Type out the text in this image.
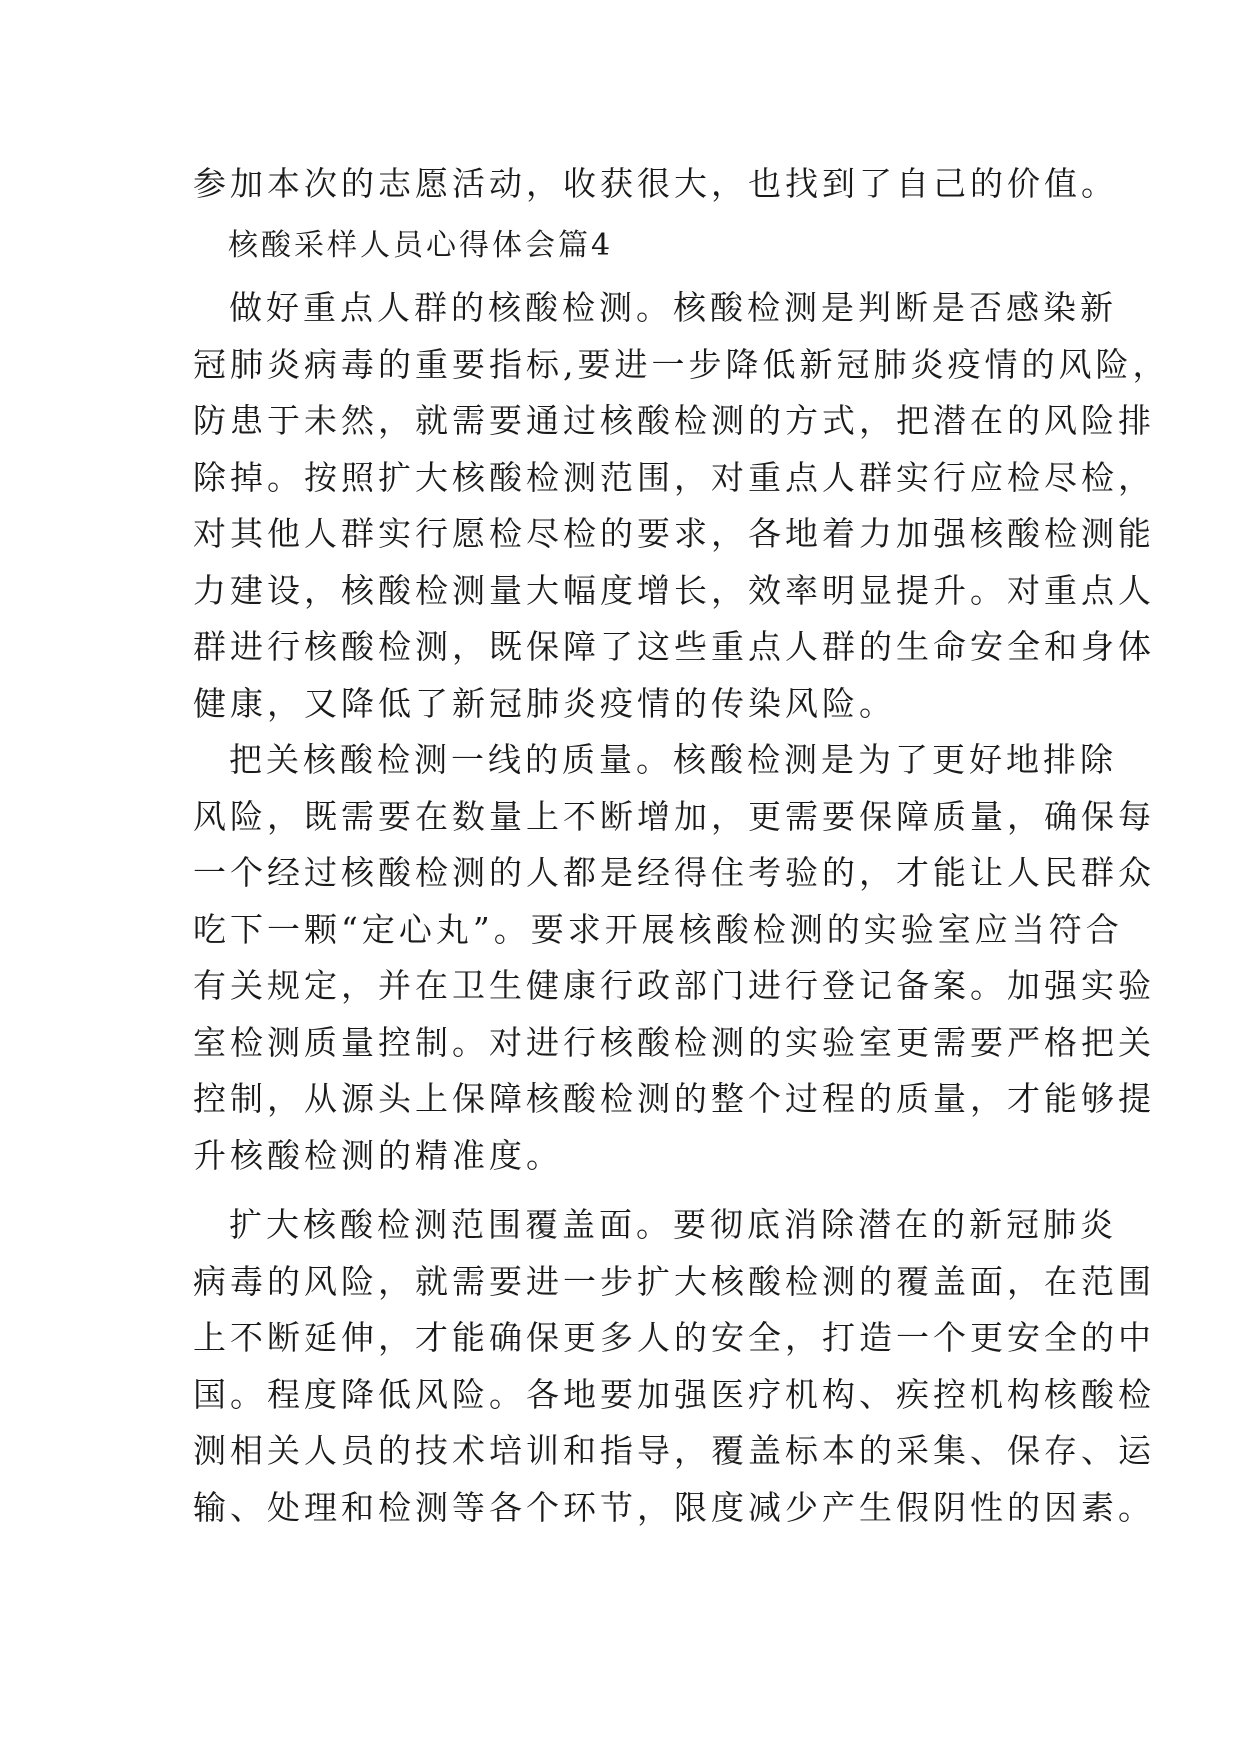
参加本次的志愿活动，收获很大，也找到了自己的价值。
核酸采样人员心得体会篇4
做好重点人群的核酸检测。核酸检测是判断是否感染新
冠肺炎病毒的重要指标,要进一步降低新冠肺炎疫情的风险，
防患于未然，就需要通过核酸检测的方式，把潜在的风险排
除掉。按照扩大核酸检测范围，对重点人群实行应检尽检，
对其他人群实行愿检尽检的要求，各地着力加强核酸检测能
力建设，核酸检测量大幅度增长，效率明显提升。对重点人
群进行核酸检测，既保障了这些重点人群的生命安全和身体
健康，又降低了新冠肺炎疫情的传染风险。
把关核酸检测一线的质量。核酸检测是为了更好地排除
风险，既需要在数量上不断增加，更需要保障质量，确保每
一个经过核酸检测的人都是经得住考验的，才能让人民群众
吃下一颗“定心丸”。要求开展核酸检测的实验室应当符合
有关规定，并在卫生健康行政部门进行登记备案。加强实验
室检测质量控制。对进行核酸检测的实验室更需要严格把关
控制，从源头上保障核酸检测的整个过程的质量，才能够提
升核酸检测的精准度。
扩大核酸检测范围覆盖面。要彻底消除潜在的新冠肺炎
病毒的风险，就需要进一步扩大核酸检测的覆盖面，在范围
上不断延伸，才能确保更多人的安全，打造一个更安全的中
国。程度降低风险。各地要加强医疗机构、疾控机构核酸检
测相关人员的技术培训和指导，覆盖标本的采集、保存、运
输、处理和检测等各个环节，限度减少产生假阴性的因素。
